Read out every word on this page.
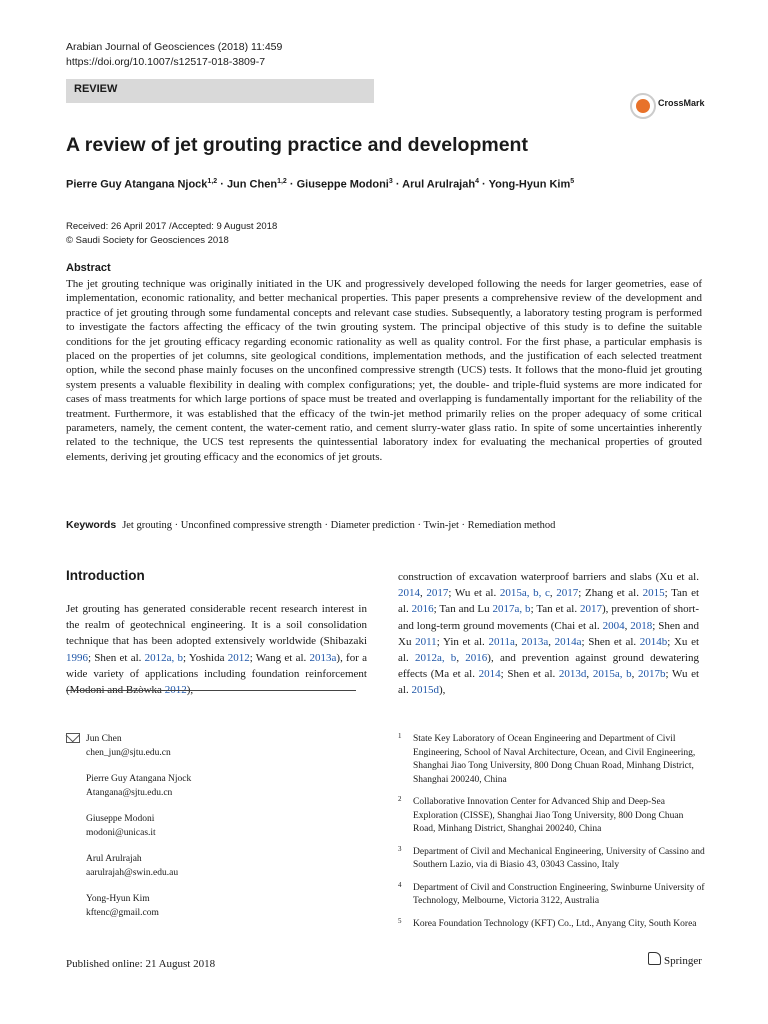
Arabian Journal of Geosciences (2018) 11:459
https://doi.org/10.1007/s12517-018-3809-7
REVIEW
CrossMark
A review of jet grouting practice and development
Pierre Guy Atangana Njock$^{1,2}$ · Jun Chen$^{1,2}$ · Giuseppe Modoni$^3$ · Arul Arulrajah$^4$ · Yong-Hyun Kim$^5$
Received: 26 April 2017 /Accepted: 9 August 2018
© Saudi Society for Geosciences 2018
Abstract
The jet grouting technique was originally initiated in the UK and progressively developed following the needs for larger geometries, ease of implementation, economic rationality, and better mechanical properties. This paper presents a comprehensive review of the development and practice of jet grouting through some fundamental concepts and relevant case studies. Subsequently, a laboratory testing program is performed to investigate the factors affecting the efficacy of the twin grouting system. The principal objective of this study is to define the suitable conditions for the jet grouting efficacy regarding economic rationality as well as quality control. For the first phase, a particular emphasis is placed on the properties of jet columns, site geological conditions, implementation methods, and the justification of each selected treatment option, while the second phase mainly focuses on the unconfined compressive strength (UCS) tests. It follows that the mono-fluid jet grouting system presents a valuable flexibility in dealing with complex configurations; yet, the double- and triple-fluid systems are more indicated for cases of mass treatments for which large portions of space must be treated and overlapping is fundamentally important for the reliability of the treatment. Furthermore, it was established that the efficacy of the twin-jet method primarily relies on the proper adequacy of some critical parameters, namely, the cement content, the water-cement ratio, and cement slurry-water glass ratio. In spite of some uncertainties inherently related to the technique, the UCS test represents the quintessential laboratory index for evaluating the mechanical properties of grouted elements, deriving jet grouting efficacy and the economics of jet grouts.
Keywords Jet grouting · Unconfined compressive strength · Diameter prediction · Twin-jet · Remediation method
Introduction
Jet grouting has generated considerable recent research interest in the realm of geotechnical engineering. It is a soil consolidation technique that has been adopted extensively worldwide (Shibazaki 1996; Shen et al. 2012a, b; Yoshida 2012; Wang et al. 2013a), for a wide variety of applications including foundation reinforcement (Modoni and Bzòwka 2012),
construction of excavation waterproof barriers and slabs (Xu et al. 2014, 2017; Wu et al. 2015a, b, c, 2017; Zhang et al. 2015; Tan et al. 2016; Tan and Lu 2017a, b; Tan et al. 2017), prevention of short- and long-term ground movements (Chai et al. 2004, 2018; Shen and Xu 2011; Yin et al. 2011a, 2013a, 2014a; Shen et al. 2014b; Xu et al. 2012a, b, 2016), and prevention against ground dewatering effects (Ma et al. 2014; Shen et al. 2013d, 2015a, b, 2017b; Wu et al. 2015d),
Jun Chen
chen_jun@sjtu.edu.cn
Pierre Guy Atangana Njock
Atangana@sjtu.edu.cn
Giuseppe Modoni
modoni@unicas.it
Arul Arulrajah
aarulrajah@swin.edu.au
Yong-Hyun Kim
kftenc@gmail.com
1 State Key Laboratory of Ocean Engineering and Department of Civil Engineering, School of Naval Architecture, Ocean, and Civil Engineering, Shanghai Jiao Tong University, 800 Dong Chuan Road, Minhang District, Shanghai 200240, China
2 Collaborative Innovation Center for Advanced Ship and Deep-Sea Exploration (CISSE), Shanghai Jiao Tong University, 800 Dong Chuan Road, Minhang District, Shanghai 200240, China
3 Department of Civil and Mechanical Engineering, University of Cassino and Southern Lazio, via di Biasio 43, 03043 Cassino, Italy
4 Department of Civil and Construction Engineering, Swinburne University of Technology, Melbourne, Victoria 3122, Australia
5 Korea Foundation Technology (KFT) Co., Ltd., Anyang City, South Korea
Published online: 21 August 2018	Springer
